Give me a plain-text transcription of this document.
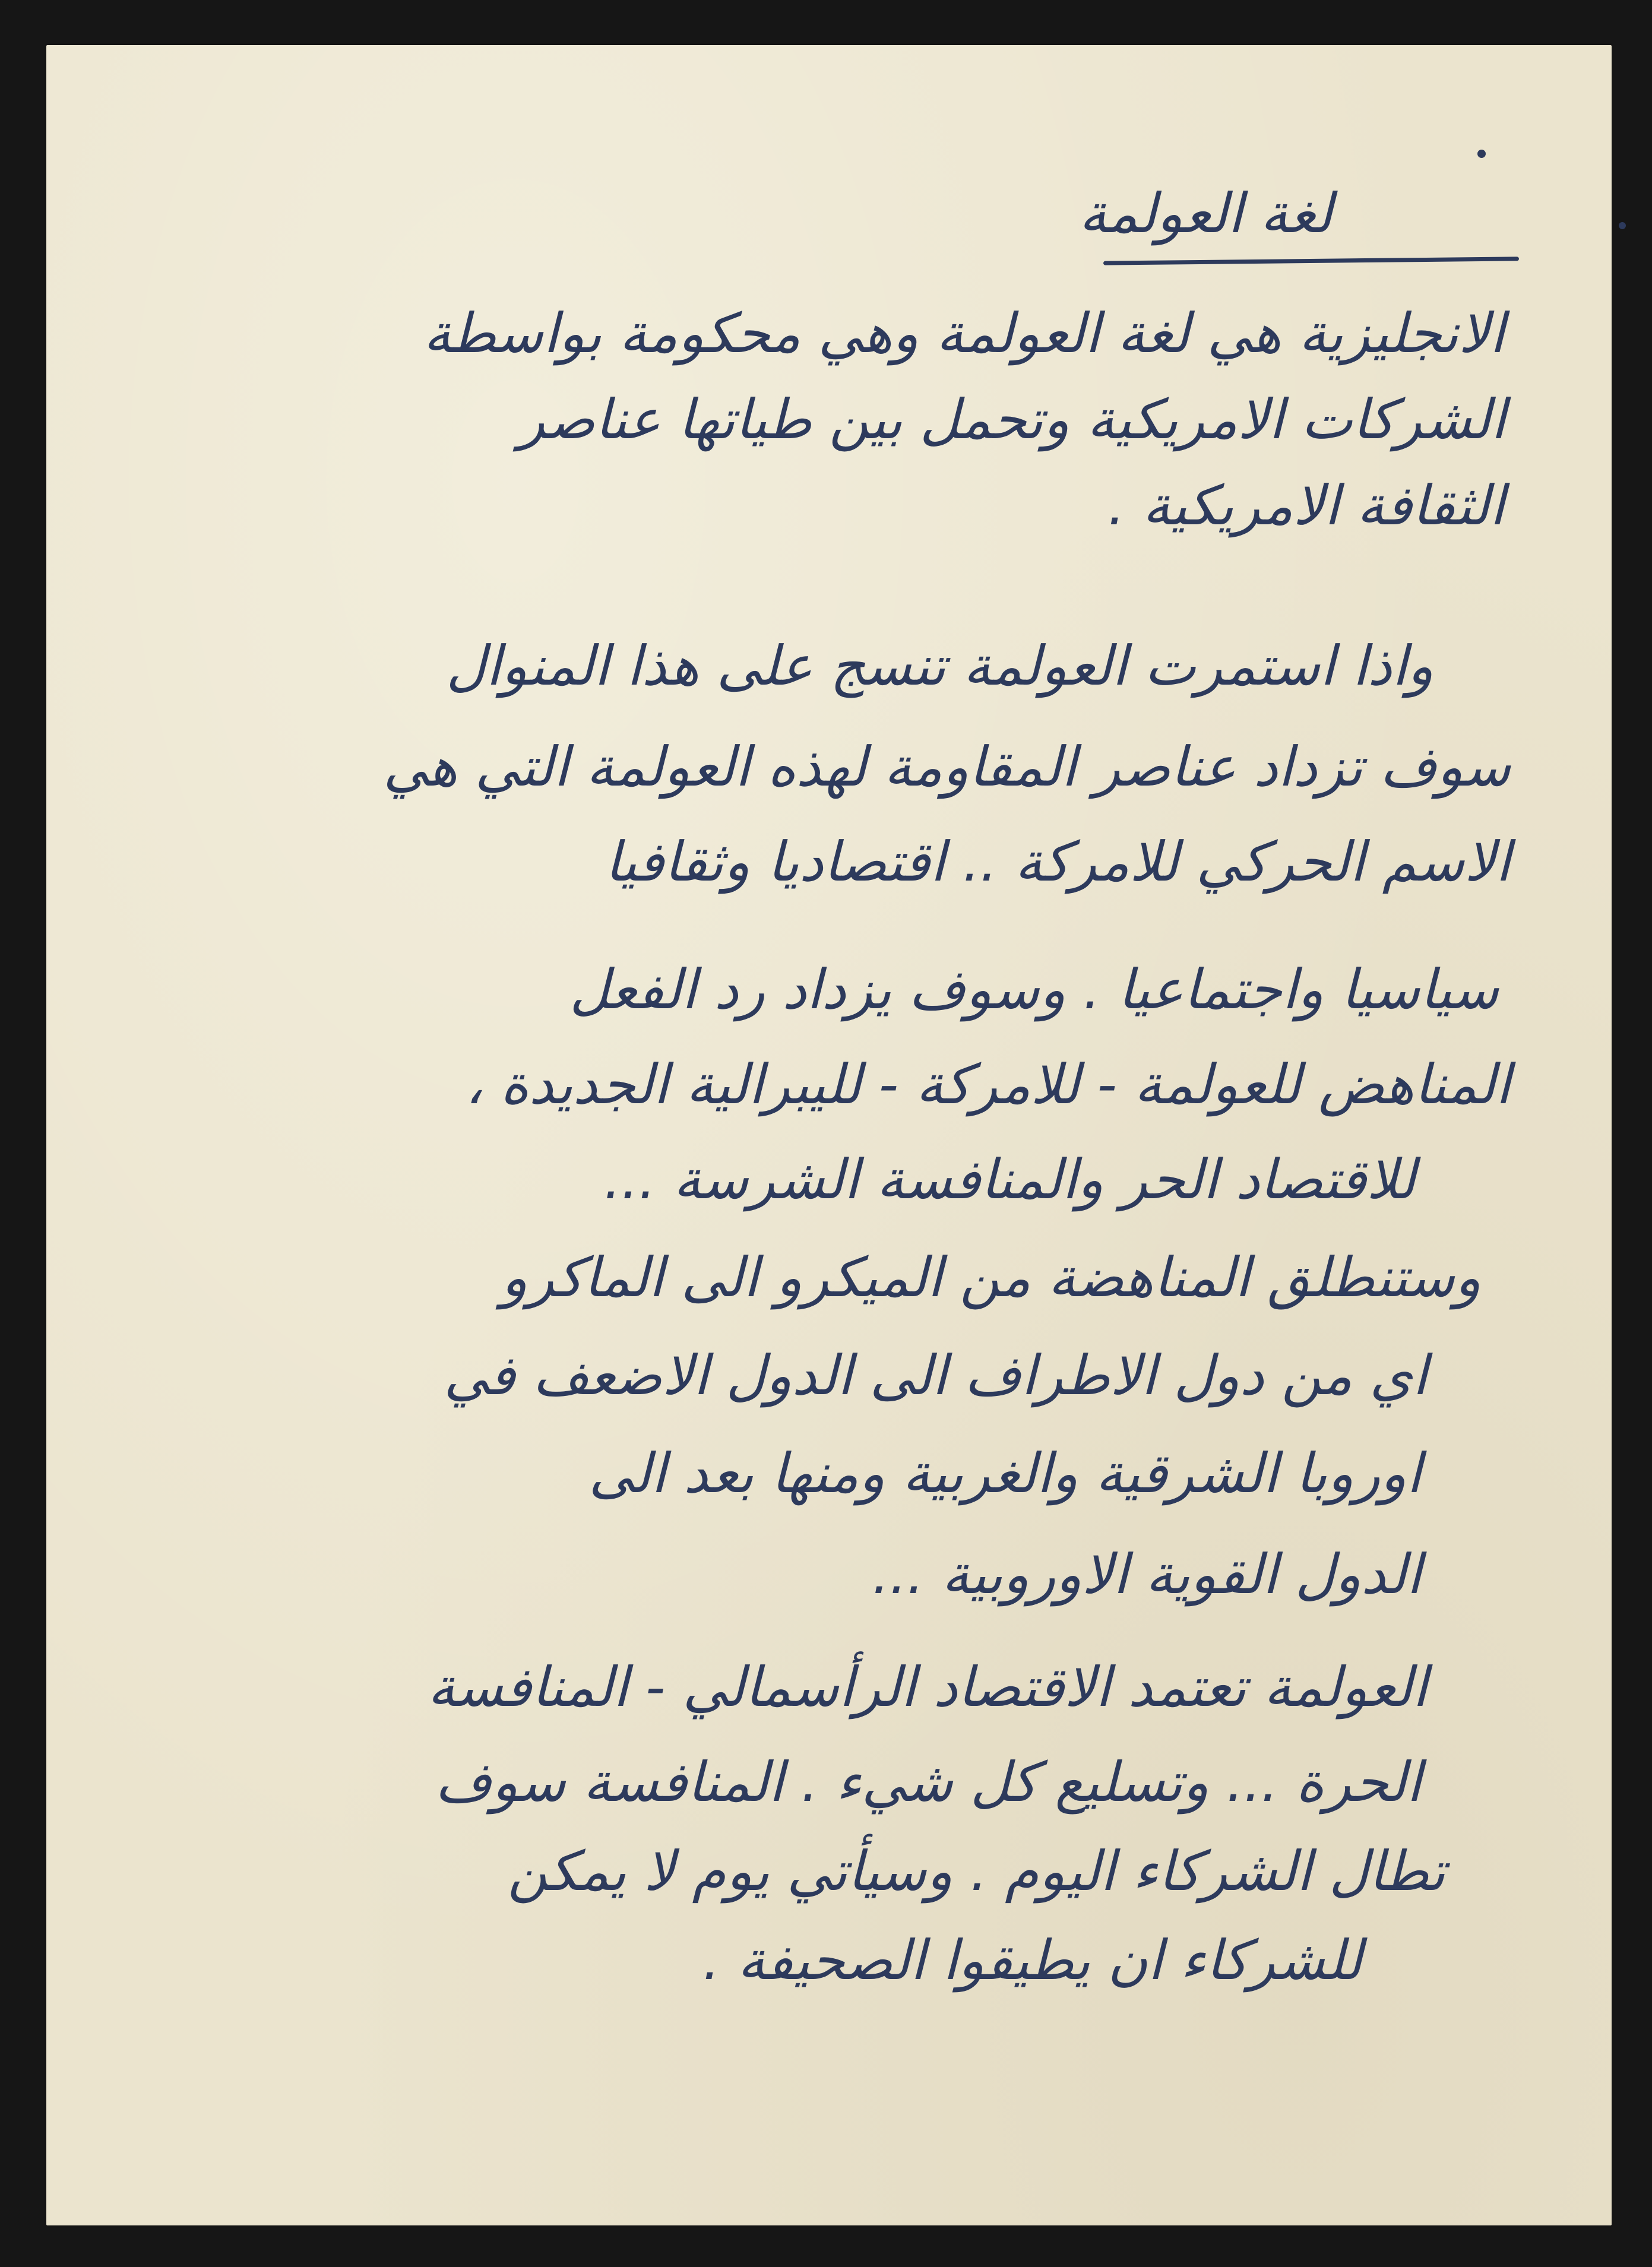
لغة العولمة
الانجليزية هي لغة العولمة وهي محكومة بواسطة
الشركات الامريكية وتحمل بين طياتها عناصر
الثقافة الامريكية .
واذا استمرت العولمة تنسج على هذا المنوال
سوف تزداد عناصر المقاومة لهذه العولمة التي هي
الاسم الحركي للامركة .. اقتصاديا وثقافيا
سياسيا واجتماعيا . وسوف يزداد رد الفعل
المناهض للعولمة - للامركة - لليبرالية الجديدة ،
للاقتصاد الحر والمنافسة الشرسة ...
وستنطلق المناهضة من الميكرو الى الماكرو
اي من دول الاطراف الى الدول الاضعف في
اوروبا الشرقية والغربية ومنها بعد الى
الدول القوية الاوروبية ...
العولمة تعتمد الاقتصاد الرأسمالي - المنافسة
الحرة ... وتسليع كل شيء . المنافسة سوف
تطال الشركاء اليوم . وسيأتي يوم لا يمكن
للشركاء ان يطيقوا الصحيفة .
